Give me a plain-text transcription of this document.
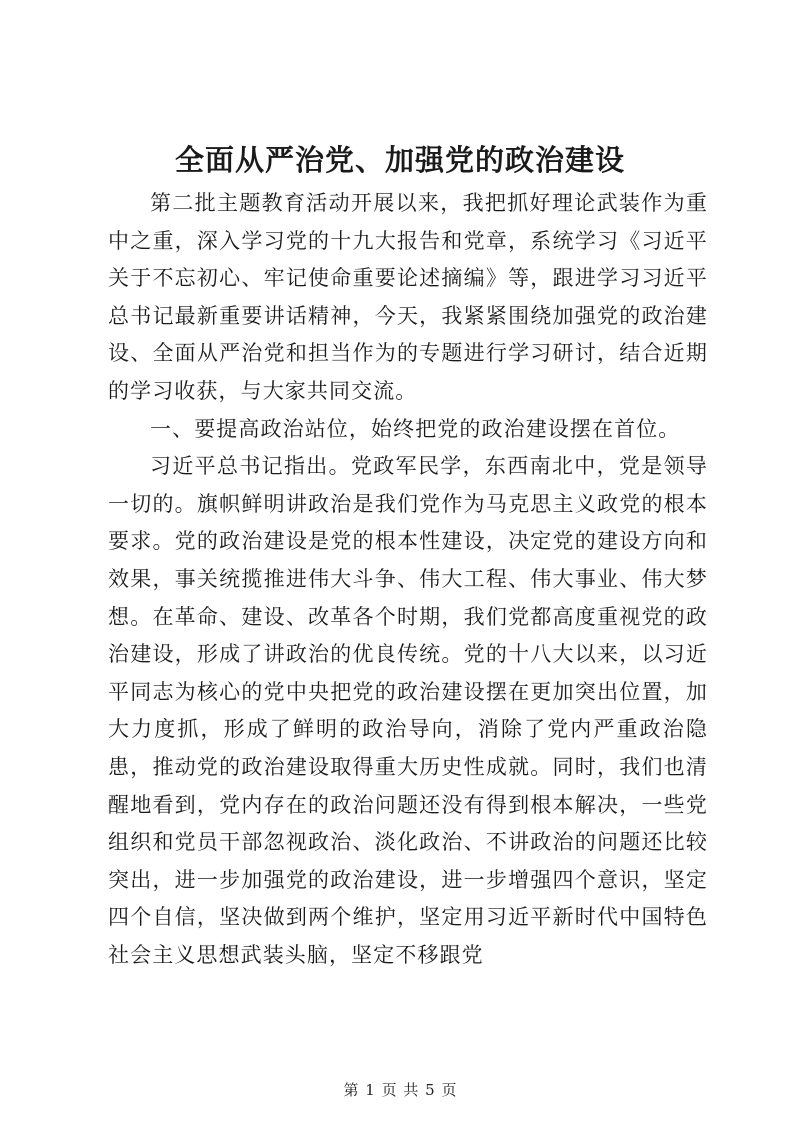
全面从严治党、加强党的政治建设

第二批主题教育活动开展以来，我把抓好理论武装作为重中之重，深入学习党的十九大报告和党章，系统学习《习近平关于不忘初心、牢记使命重要论述摘编》等，跟进学习习近平总书记最新重要讲话精神，今天，我紧紧围绕加强党的政治建设、全面从严治党和担当作为的专题进行学习研讨，结合近期的学习收获，与大家共同交流。

一、要提高政治站位，始终把党的政治建设摆在首位。

习近平总书记指出。党政军民学，东西南北中，党是领导一切的。旗帜鲜明讲政治是我们党作为马克思主义政党的根本要求。党的政治建设是党的根本性建设，决定党的建设方向和效果，事关统揽推进伟大斗争、伟大工程、伟大事业、伟大梦想。在革命、建设、改革各个时期，我们党都高度重视党的政治建设，形成了讲政治的优良传统。党的十八大以来，以习近平同志为核心的党中央把党的政治建设摆在更加突出位置，加大力度抓，形成了鲜明的政治导向，消除了党内严重政治隐患，推动党的政治建设取得重大历史性成就。同时，我们也清醒地看到，党内存在的政治问题还没有得到根本解决，一些党组织和党员干部忽视政治、淡化政治、不讲政治的问题还比较突出，进一步加强党的政治建设，进一步增强四个意识，坚定四个自信，坚决做到两个维护，坚定用习近平新时代中国特色社会主义思想武装头脑，坚定不移跟党

第 1 页 共 5 页
